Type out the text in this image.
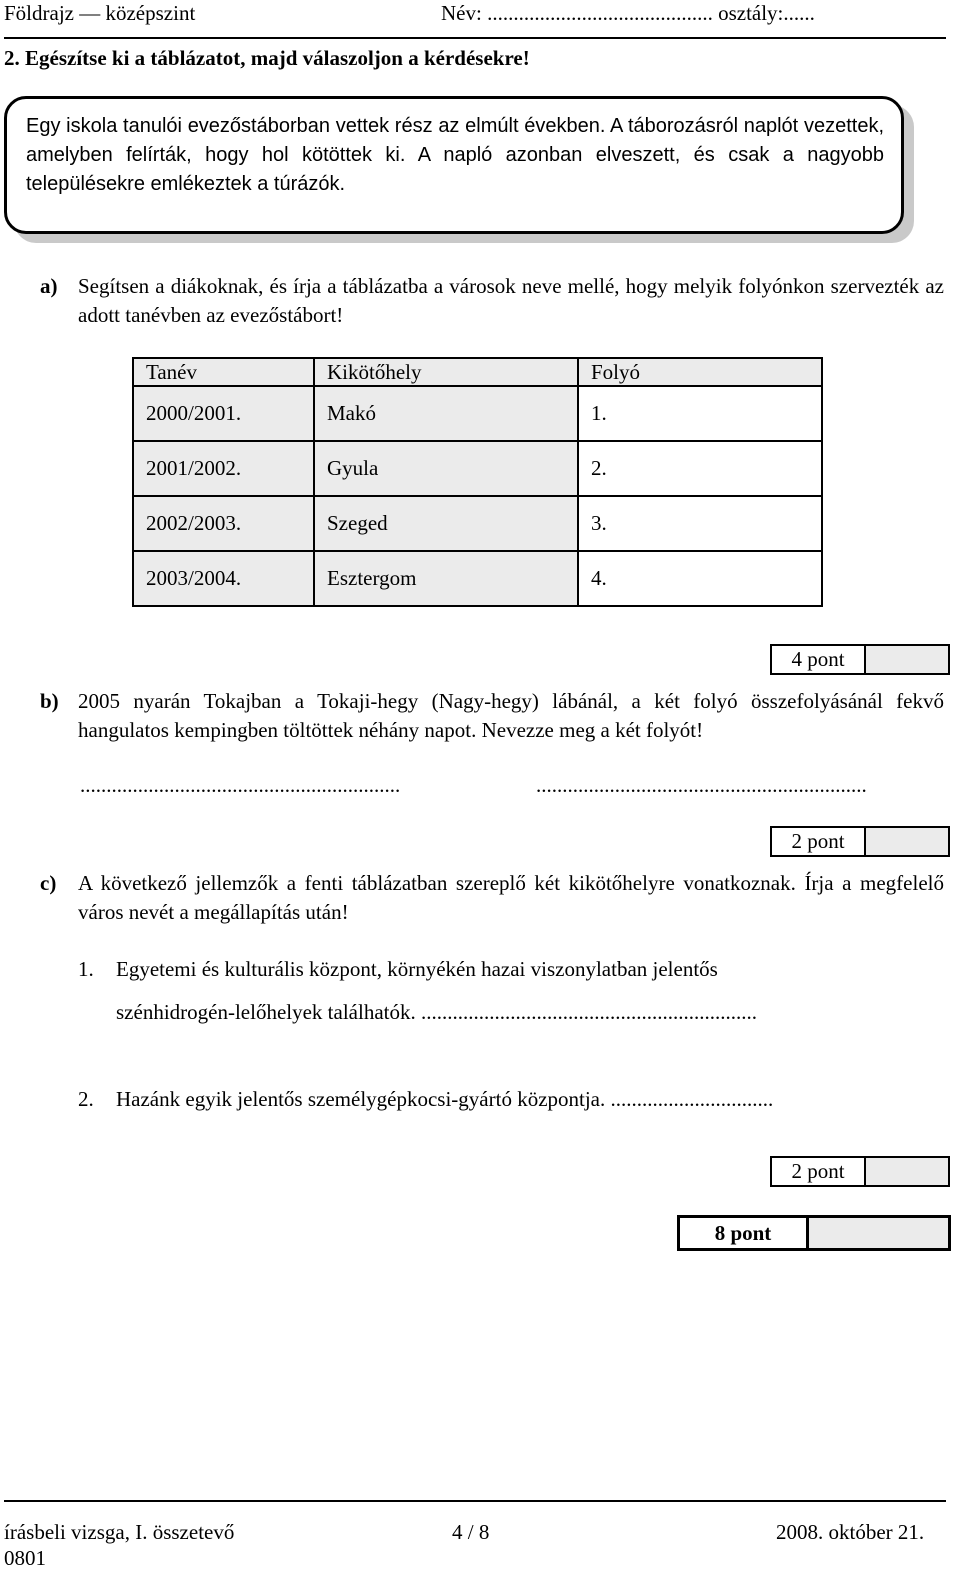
Földrajz — középszint	Név: ........................................... osztály:......
2. Egészítse ki a táblázatot, majd válaszoljon a kérdésekre!
Egy iskola tanulói evezőstáborban vettek rész az elmúlt években. A táborozásról naplót vezettek, amelyben felírták, hogy hol kötöttek ki. A napló azonban elveszett, és csak a nagyobb településekre emlékeztek a túrázók.
a) Segítsen a diákoknak, és írja a táblázatba a városok neve mellé, hogy melyik folyónkon szervezték az adott tanévben az evezőstábort!
Tanév	Kikötőhely	Folyó
2000/2001.	Makó	1.
2001/2002.	Gyula	2.
2002/2003.	Szeged	3.
2003/2004.	Esztergom	4.
4 pont
b) 2005 nyarán Tokajban a Tokaji-hegy (Nagy-hegy) lábánál, a két folyó összefolyásánál fekvő hangulatos kempingben töltöttek néhány napot. Nevezze meg a két folyót!
.............................................................	...............................................................
2 pont
c) A következő jellemzők a fenti táblázatban szereplő két kikötőhelyre vonatkoznak. Írja a megfelelő város nevét a megállapítás után!
1. Egyetemi és kulturális központ, környékén hazai viszonylatban jelentős
szénhidrogén-lelőhelyek találhatók. ................................................................
2. Hazánk egyik jelentős személygépkocsi-gyártó központja. ...............................
2 pont
8 pont
írásbeli vizsga, I. összetevő
0801
4 / 8	2008. október 21.
